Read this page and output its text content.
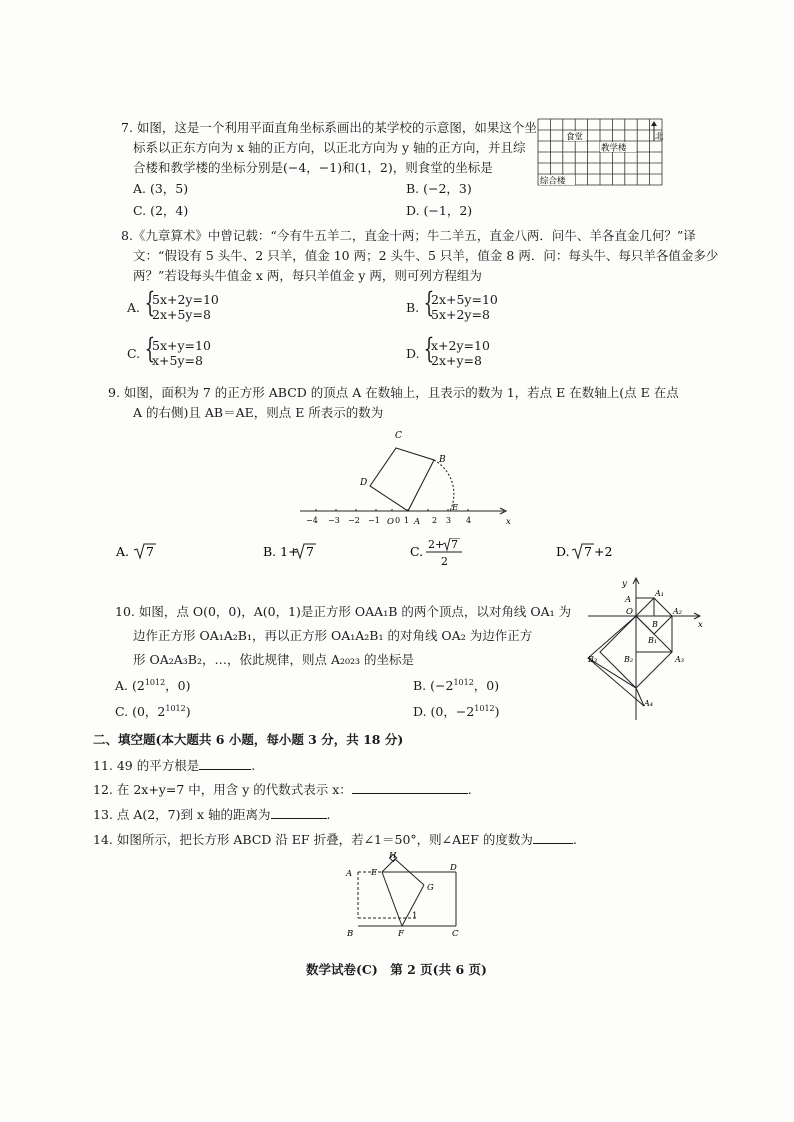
7. 如图，这是一个利用平面直角坐标系画出的某学校的示意图，如果这个坐
标系以正东方向为 x 轴的正方向，以正北方向为 y 轴的正方向，并且综
合楼和教学楼的坐标分别是(−4，−1)和(1，2)，则食堂的坐标是
A. (3，5)	B. (−2，3)
C. (2，4)	D. (−1，2)
食堂
教学楼
综合楼
北
8.《九章算术》中曾记载：“今有牛五羊二，直金十两；牛二羊五，直金八两．问牛、羊各直金几何？”译
文：“假设有 5 头牛、2 只羊，值金 10 两；2 头牛、5 只羊，值金 8 两．问：每头牛、每只羊各值金多少
两？”若设每头牛值金 x 两，每只羊值金 y 两，则可列方程组为
A. {
5x+2y=10
2x+5y=8	B. {
2x+5y=10
5x+2y=8
C. {
5x+y=10
x+5y=8	D. {
x+2y=10
2x+y=8
9. 如图，面积为 7 的正方形 ABCD 的顶点 A 在数轴上，且表示的数为 1，若点 E 在数轴上(点 E 在点
A 的右侧)且 AB＝AE，则点 E 所表示的数为
C
B
D
A
E
O	x
−4 −3 −2 −1 0 1	2 3 4
A. 7	B. 1+ 7	C. 2+ 7
2
D. 7 +2
10. 如图，点 O(0，0)，A(0，1)是正方形 OAA₁B 的两个顶点，以对角线 OA₁ 为
边作正方形 OA₁A₂B₁，再以正方形 OA₁A₂B₁ 的对角线 OA₂ 为边作正方
形 OA₂A₃B₂，…，依此规律，则点 A₂₀₂₃ 的坐标是
A. ($2^{1012}$，0)	B. ($-2^{1012}$，0)
C. (0，$2^{1012}$)	D. (0，$-2^{1012}$)
y
x
O
A
A₁
A₂
A₃
A₄
B
B₁
B₂
B₃
二、填空题(本大题共 6 小题，每小题 3 分，共 18 分)
11. 49 的平方根是	.
12. 在 2x+y=7 中，用含 y 的代数式表示 x：	.
13. 点 A(2，7)到 x 轴的距离为	.
14. 如图所示，把长方形 ABCD 沿 EF 折叠，若∠1＝50°，则∠AEF 的度数为	.
H
A E	D
G
1
B	F	C
数学试卷(C)　第 2 页(共 6 页)
